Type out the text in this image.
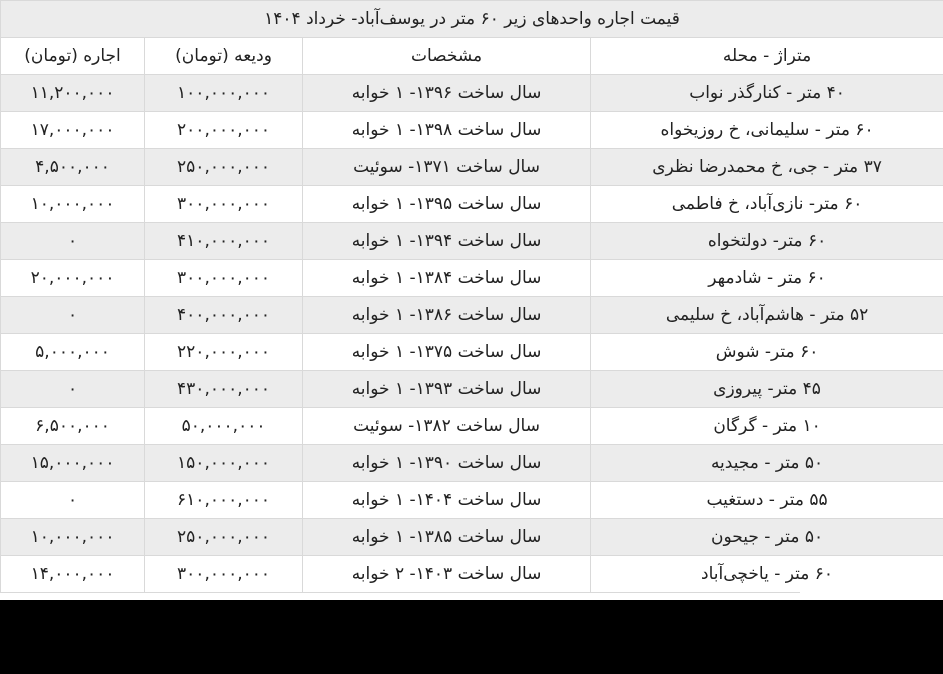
قیمت اجاره واحدهای زیر ۶۰ متر در یوسف‌آباد- خرداد ۱۴۰۴			
متراژ - محله	مشخصات	ودیعه (تومان)	اجاره (تومان)
۴۰ متر - کنارگذر نواب	سال ساخت ۱۳۹۶- ۱ خوابه	۱۰۰,۰۰۰,۰۰۰	۱۱,۲۰۰,۰۰۰
۶۰ متر - سلیمانی، خ روزیخواه	سال ساخت ۱۳۹۸- ۱ خوابه	۲۰۰,۰۰۰,۰۰۰	۱۷,۰۰۰,۰۰۰
۳۷ متر - جی، خ محمدرضا نظری	سال ساخت ۱۳۷۱- سوئیت	۲۵۰,۰۰۰,۰۰۰	۴,۵۰۰,۰۰۰
۶۰ متر- نازی‌آباد، خ فاطمی	سال ساخت ۱۳۹۵- ۱ خوابه	۳۰۰,۰۰۰,۰۰۰	۱۰,۰۰۰,۰۰۰
۶۰ متر- دولتخواه	سال ساخت ۱۳۹۴- ۱ خوابه	۴۱۰,۰۰۰,۰۰۰	۰
۶۰ متر - شادمهر	سال ساخت ۱۳۸۴- ۱ خوابه	۳۰۰,۰۰۰,۰۰۰	۲۰,۰۰۰,۰۰۰
۵۲ متر - هاشم‌آباد، خ سلیمی	سال ساخت ۱۳۸۶- ۱ خوابه	۴۰۰,۰۰۰,۰۰۰	۰
۶۰ متر- شوش	سال ساخت ۱۳۷۵- ۱ خوابه	۲۲۰,۰۰۰,۰۰۰	۵,۰۰۰,۰۰۰
۴۵ متر- پیروزی	سال ساخت ۱۳۹۳- ۱ خوابه	۴۳۰,۰۰۰,۰۰۰	۰
۱۰ متر - گرگان	سال ساخت ۱۳۸۲- سوئیت	۵۰,۰۰۰,۰۰۰	۶,۵۰۰,۰۰۰
۵۰ متر - مجیدیه	سال ساخت ۱۳۹۰- ۱ خوابه	۱۵۰,۰۰۰,۰۰۰	۱۵,۰۰۰,۰۰۰
۵۵ متر - دستغیب	سال ساخت ۱۴۰۴- ۱ خوابه	۶۱۰,۰۰۰,۰۰۰	۰
۵۰ متر - جیحون	سال ساخت ۱۳۸۵- ۱ خوابه	۲۵۰,۰۰۰,۰۰۰	۱۰,۰۰۰,۰۰۰
۶۰ متر - یاخچی‌آباد	سال ساخت ۱۴۰۳- ۲ خوابه	۳۰۰,۰۰۰,۰۰۰	۱۴,۰۰۰,۰۰۰
